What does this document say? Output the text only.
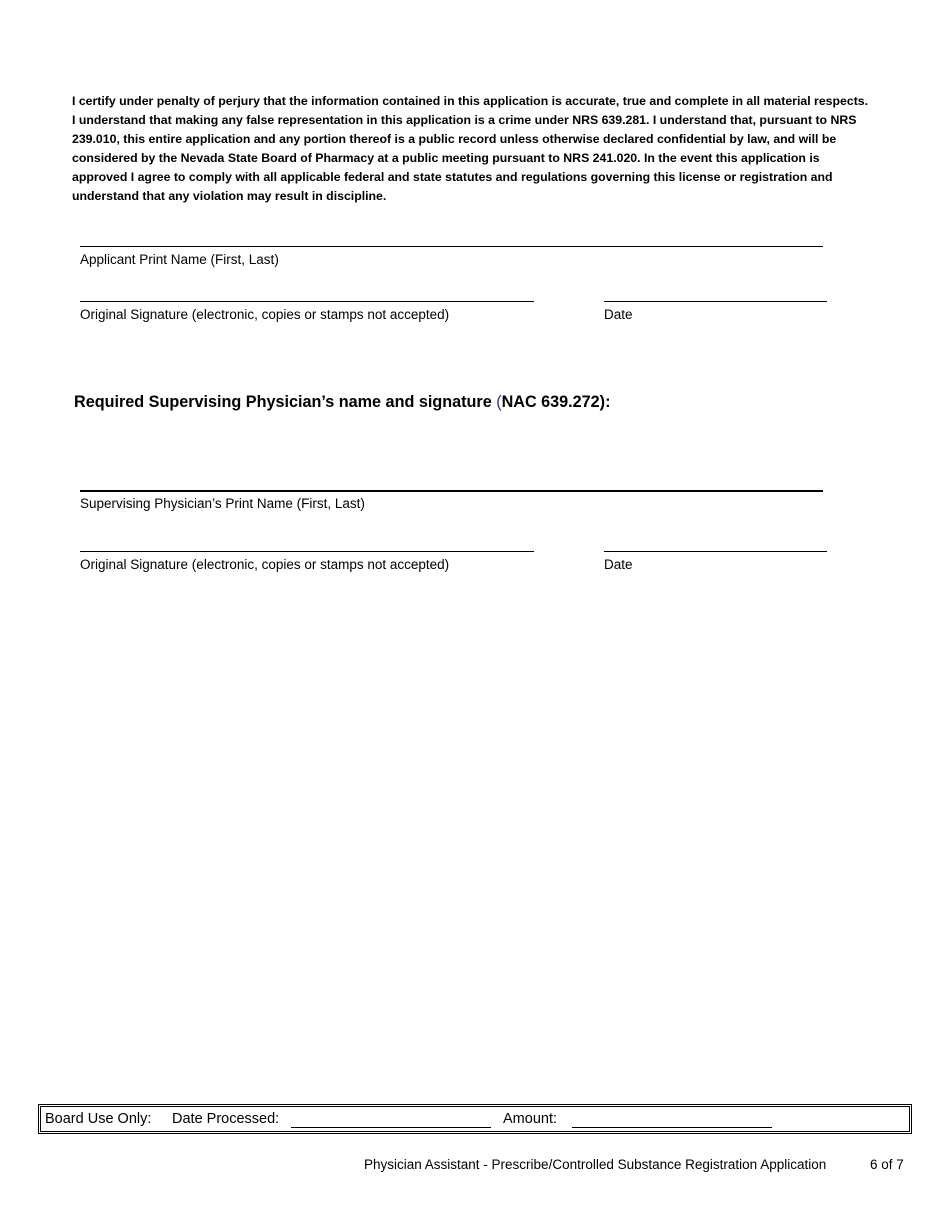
I certify under penalty of perjury that the information contained in this application is accurate, true and complete in all material respects. I understand that making any false representation in this application is a crime under NRS 639.281. I understand that, pursuant to NRS 239.010, this entire application and any portion thereof is a public record unless otherwise declared confidential by law, and will be considered by the Nevada State Board of Pharmacy at a public meeting pursuant to NRS 241.020. In the event this application is approved I agree to comply with all applicable federal and state statutes and regulations governing this license or registration and understand that any violation may result in discipline.

Applicant Print Name (First, Last)
Original Signature (electronic, copies or stamps not accepted)	Date
Required Supervising Physician’s name and signature (NAC 639.272):
Supervising Physician’s Print Name (First, Last)
Original Signature (electronic, copies or stamps not accepted)	Date
Board Use Only: Date Processed:	Amount:
Physician Assistant - Prescribe/Controlled Substance Registration Application	6 of 7
